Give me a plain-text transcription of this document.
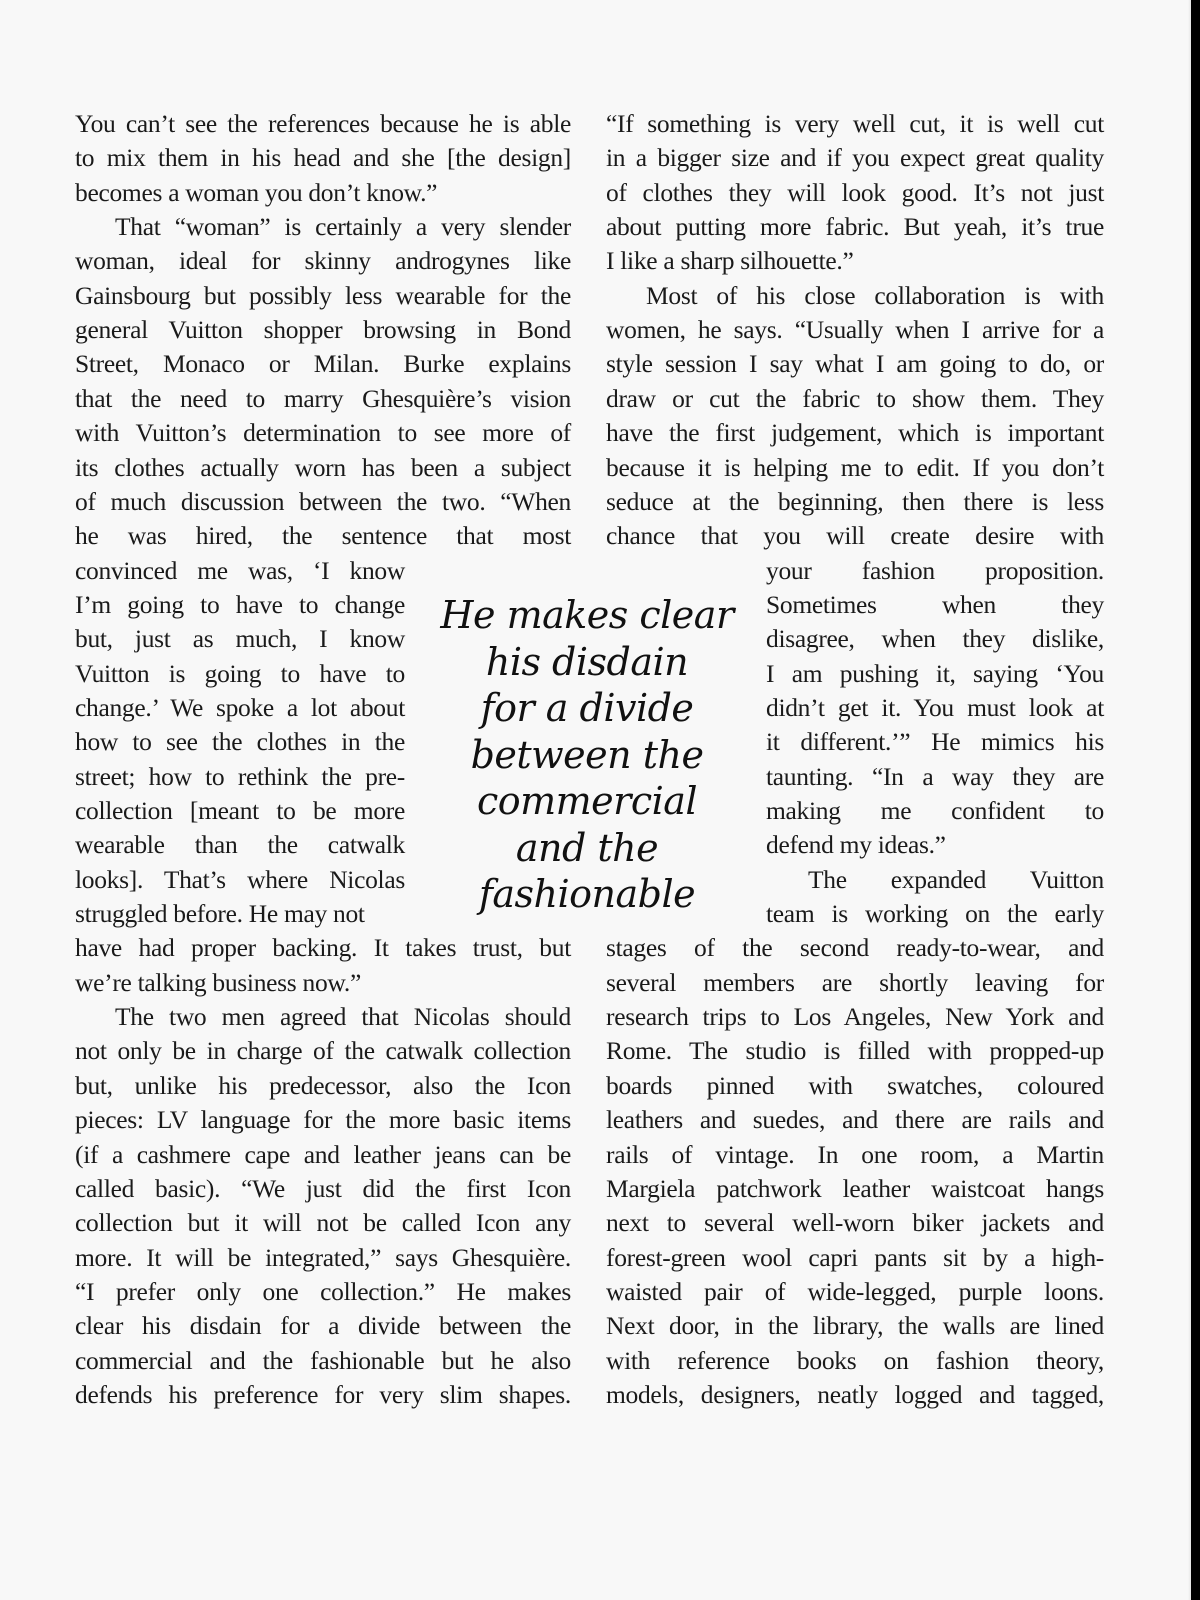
You can’t see the references because he is able
to mix them in his head and she [the design]
becomes a woman you don’t know.”
That “woman” is certainly a very slender
woman, ideal for skinny androgynes like
Gainsbourg but possibly less wearable for the
general Vuitton shopper browsing in Bond
Street, Monaco or Milan. Burke explains
that the need to marry Ghesquière’s vision
with Vuitton’s determination to see more of
its clothes actually worn has been a subject
of much discussion between the two. “When
he was hired, the sentence that most
convinced me was, ‘I know
I’m going to have to change
but, just as much, I know
Vuitton is going to have to
change.’ We spoke a lot about
how to see the clothes in the
street; how to rethink the pre-
collection [meant to be more
wearable than the catwalk
looks]. That’s where Nicolas
struggled before. He may not
have had proper backing. It takes trust, but
we’re talking business now.”
The two men agreed that Nicolas should
not only be in charge of the catwalk collection
but, unlike his predecessor, also the Icon
pieces: LV language for the more basic items
(if a cashmere cape and leather jeans can be
called basic). “We just did the first Icon
collection but it will not be called Icon any
more. It will be integrated,” says Ghesquière.
“I prefer only one collection.” He makes
clear his disdain for a divide between the
commercial and the fashionable but he also
defends his preference for very slim shapes.
“If something is very well cut, it is well cut
in a bigger size and if you expect great quality
of clothes they will look good. It’s not just
about putting more fabric. But yeah, it’s true
I like a sharp silhouette.”
Most of his close collaboration is with
women, he says. “Usually when I arrive for a
style session I say what I am going to do, or
draw or cut the fabric to show them. They
have the first judgement, which is important
because it is helping me to edit. If you don’t
seduce at the beginning, then there is less
chance that you will create desire with
your fashion proposition.
Sometimes when they
disagree, when they dislike,
I am pushing it, saying ‘You
didn’t get it. You must look at
it different.’” He mimics his
taunting. “In a way they are
making me confident to
defend my ideas.”
The expanded Vuitton
team is working on the early
stages of the second ready-to-wear, and
several members are shortly leaving for
research trips to Los Angeles, New York and
Rome. The studio is filled with propped-up
boards pinned with swatches, coloured
leathers and suedes, and there are rails and
rails of vintage. In one room, a Martin
Margiela patchwork leather waistcoat hangs
next to several well-worn biker jackets and
forest-green wool capri pants sit by a high-
waisted pair of wide-legged, purple loons.
Next door, in the library, the walls are lined
with reference books on fashion theory,
models, designers, neatly logged and tagged,
He makes clear
his disdain
for a divide
between the
commercial
and the
fashionable
